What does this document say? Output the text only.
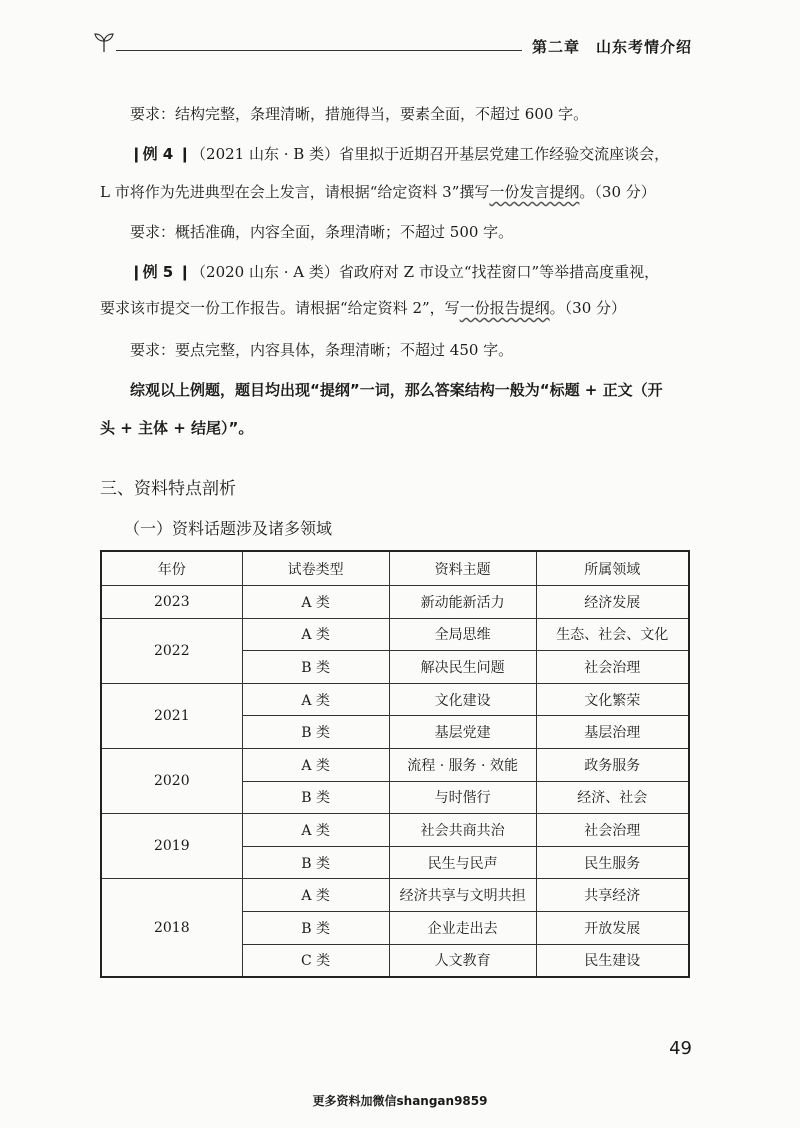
第二章　山东考情介绍
要求：结构完整，条理清晰，措施得当，要素全面，不超过 600 字。
❙例 4 ❙（2021 山东 · B 类）省里拟于近期召开基层党建工作经验交流座谈会，
L 市将作为先进典型在会上发言，请根据“给定资料 3”撰写一份发言提纲。（30 分）
要求：概括准确，内容全面，条理清晰；不超过 500 字。
❙例 5 ❙（2020 山东 · A 类）省政府对 Z 市设立“找茬窗口”等举措高度重视，
要求该市提交一份工作报告。请根据“给定资料 2”，写一份报告提纲。（30 分）
要求：要点完整，内容具体，条理清晰；不超过 450 字。
综观以上例题，题目均出现“提纲”一词，那么答案结构一般为“标题 + 正文（开
头 + 主体 + 结尾）”。
三、资料特点剖析
（一）资料话题涉及诸多领域
年份	试卷类型	资料主题	所属领域
2023	A 类	新动能新活力	经济发展
2022	A 类	全局思维	生态、社会、文化
	B 类	解决民生问题	社会治理
2021	A 类	文化建设	文化繁荣
	B 类	基层党建	基层治理
2020	A 类	流程 · 服务 · 效能	政务服务
	B 类	与时偕行	经济、社会
2019	A 类	社会共商共治	社会治理
	B 类	民生与民声	民生服务
2018	A 类	经济共享与文明共担	共享经济
	B 类	企业走出去	开放发展
	C 类	人文教育	民生建设
49
更多资料加微信shangan9859
